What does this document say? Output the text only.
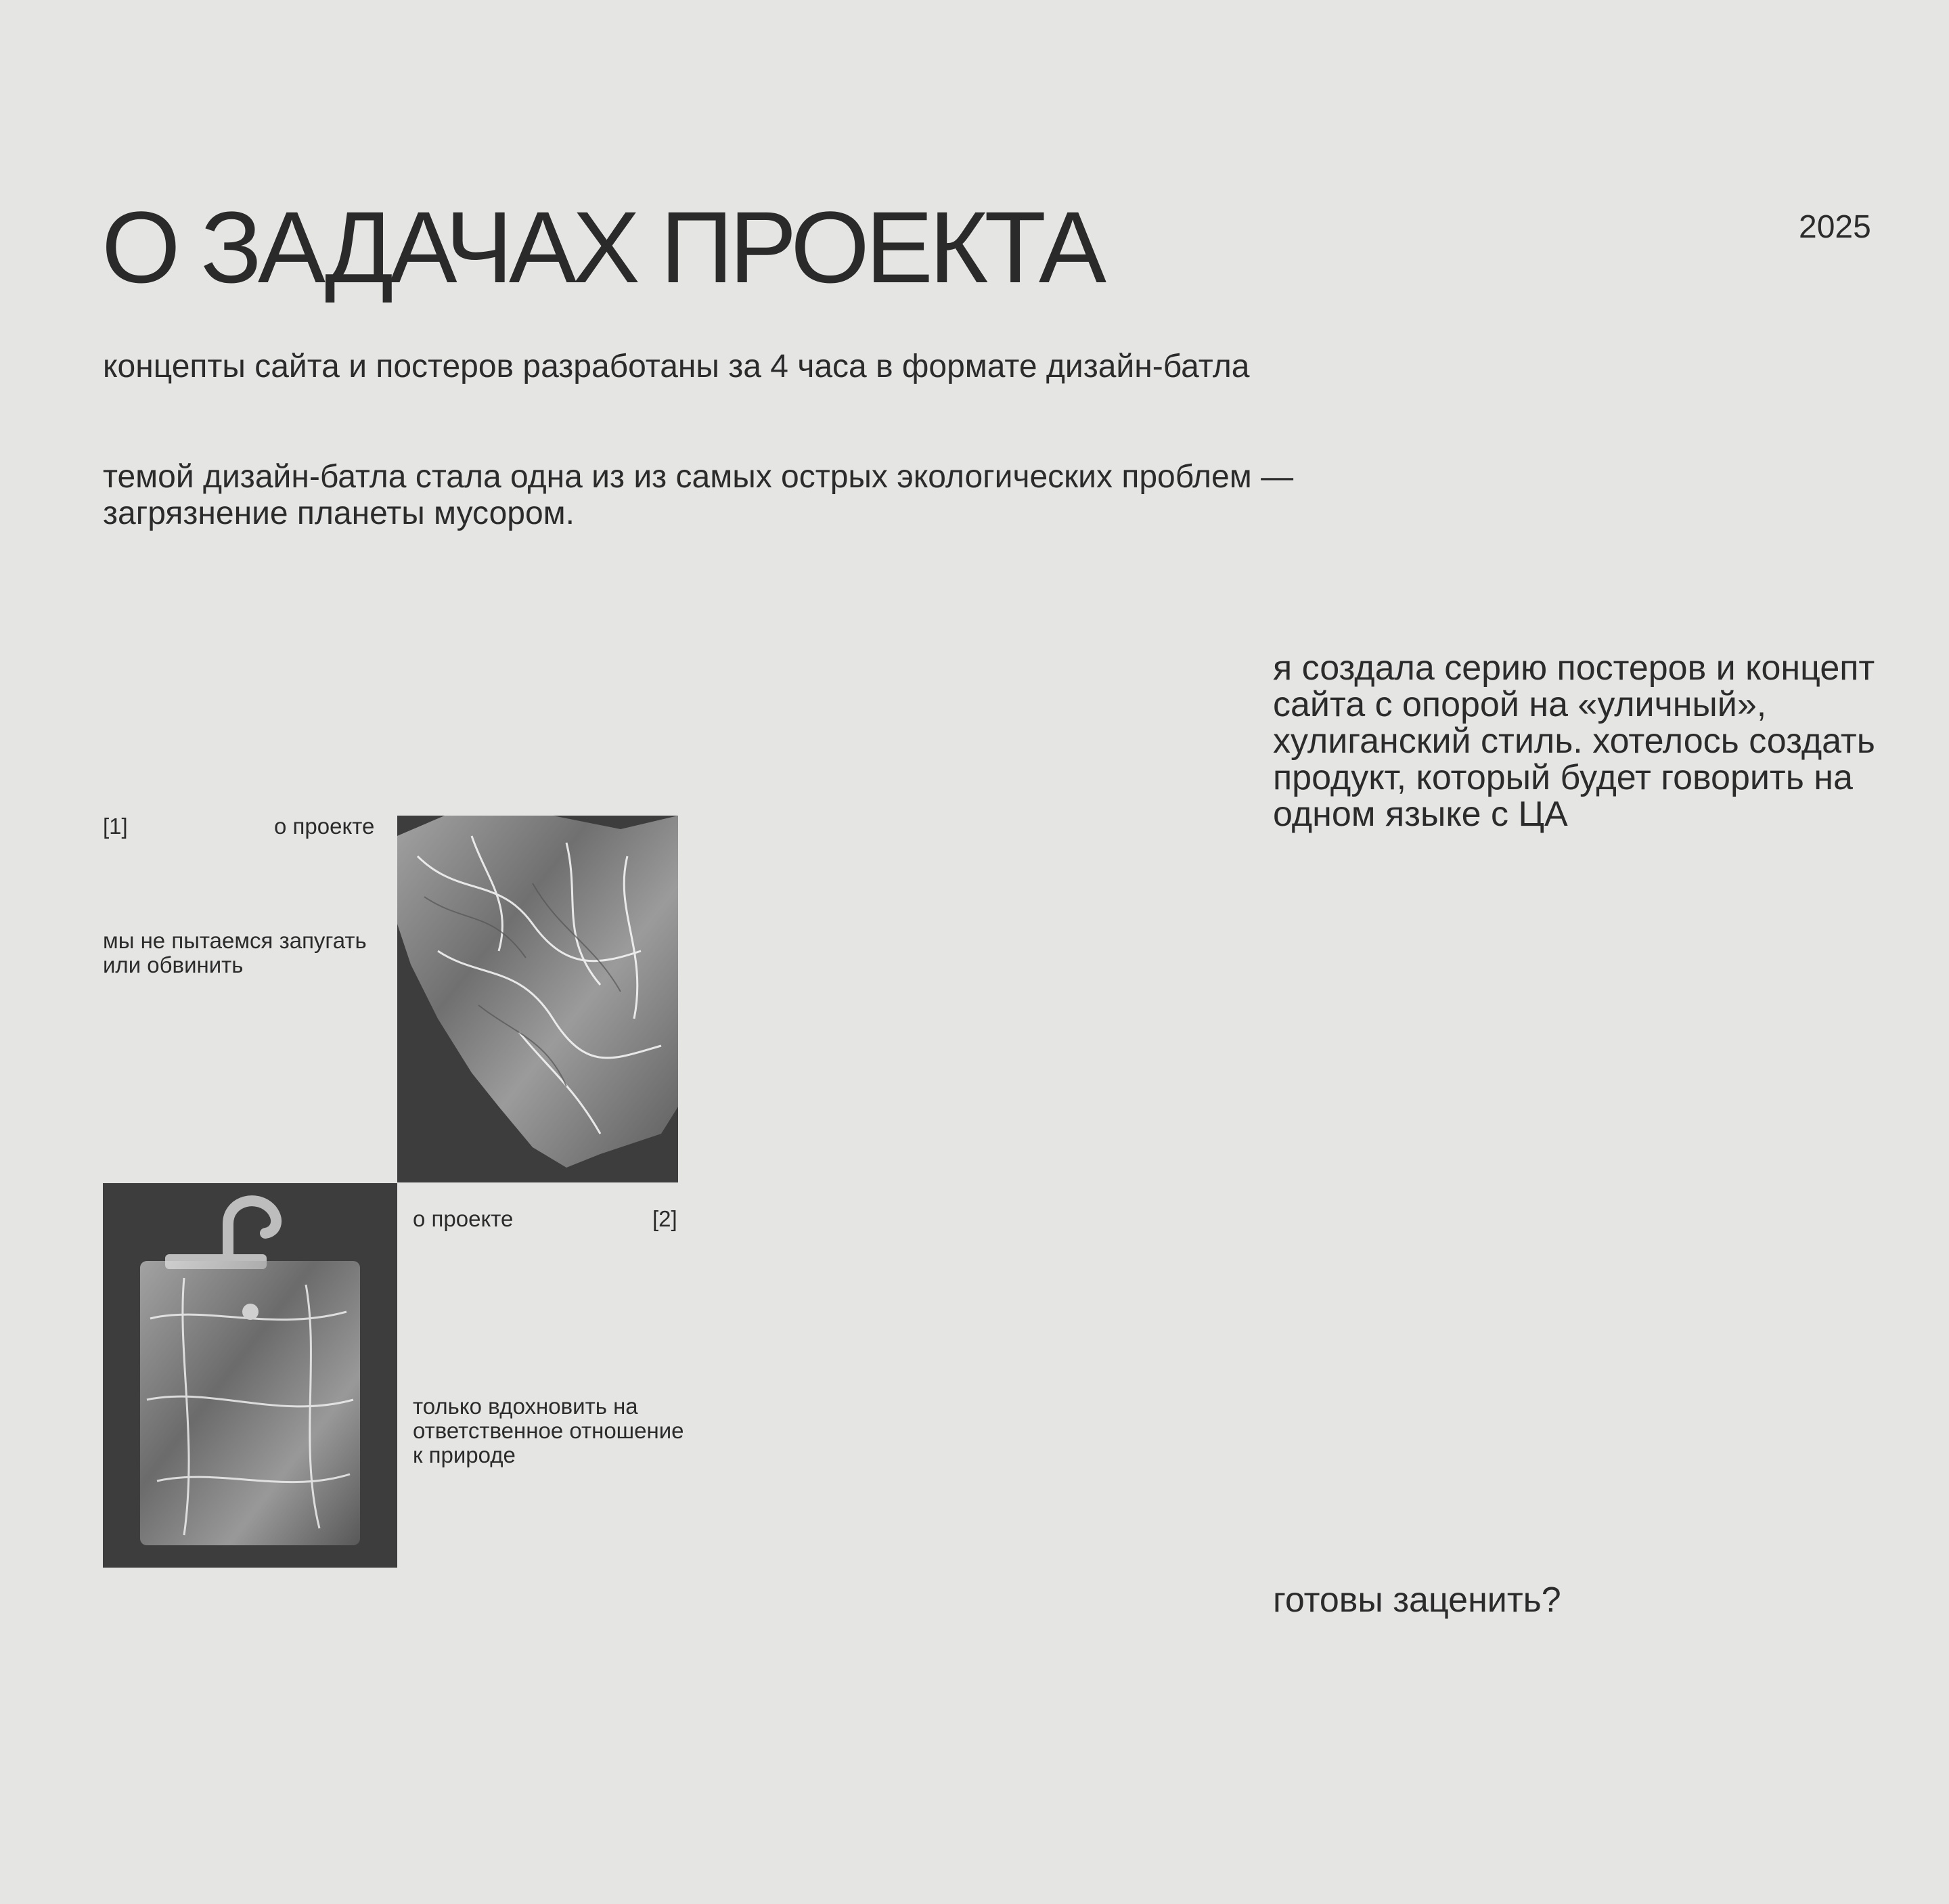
О ЗАДАЧАХ ПРОЕКТА	2025

концепты сайта и постеров разработаны за 4 часа в формате дизайн-батла

темой дизайн-батла стала одна из из самых острых экологических проблем — загрязнение планеты мусором.

я создала серию постеров и концепт сайта с опорой на «уличный», хулиганский стиль. хотелось создать продукт, который будет говорить на одном языке с ЦА

готовы заценить?
[1]	о проекте
мы не пытаемся запугать или обвинить
о проекте	[2]
только вдохновить на ответственное отношение к природе
